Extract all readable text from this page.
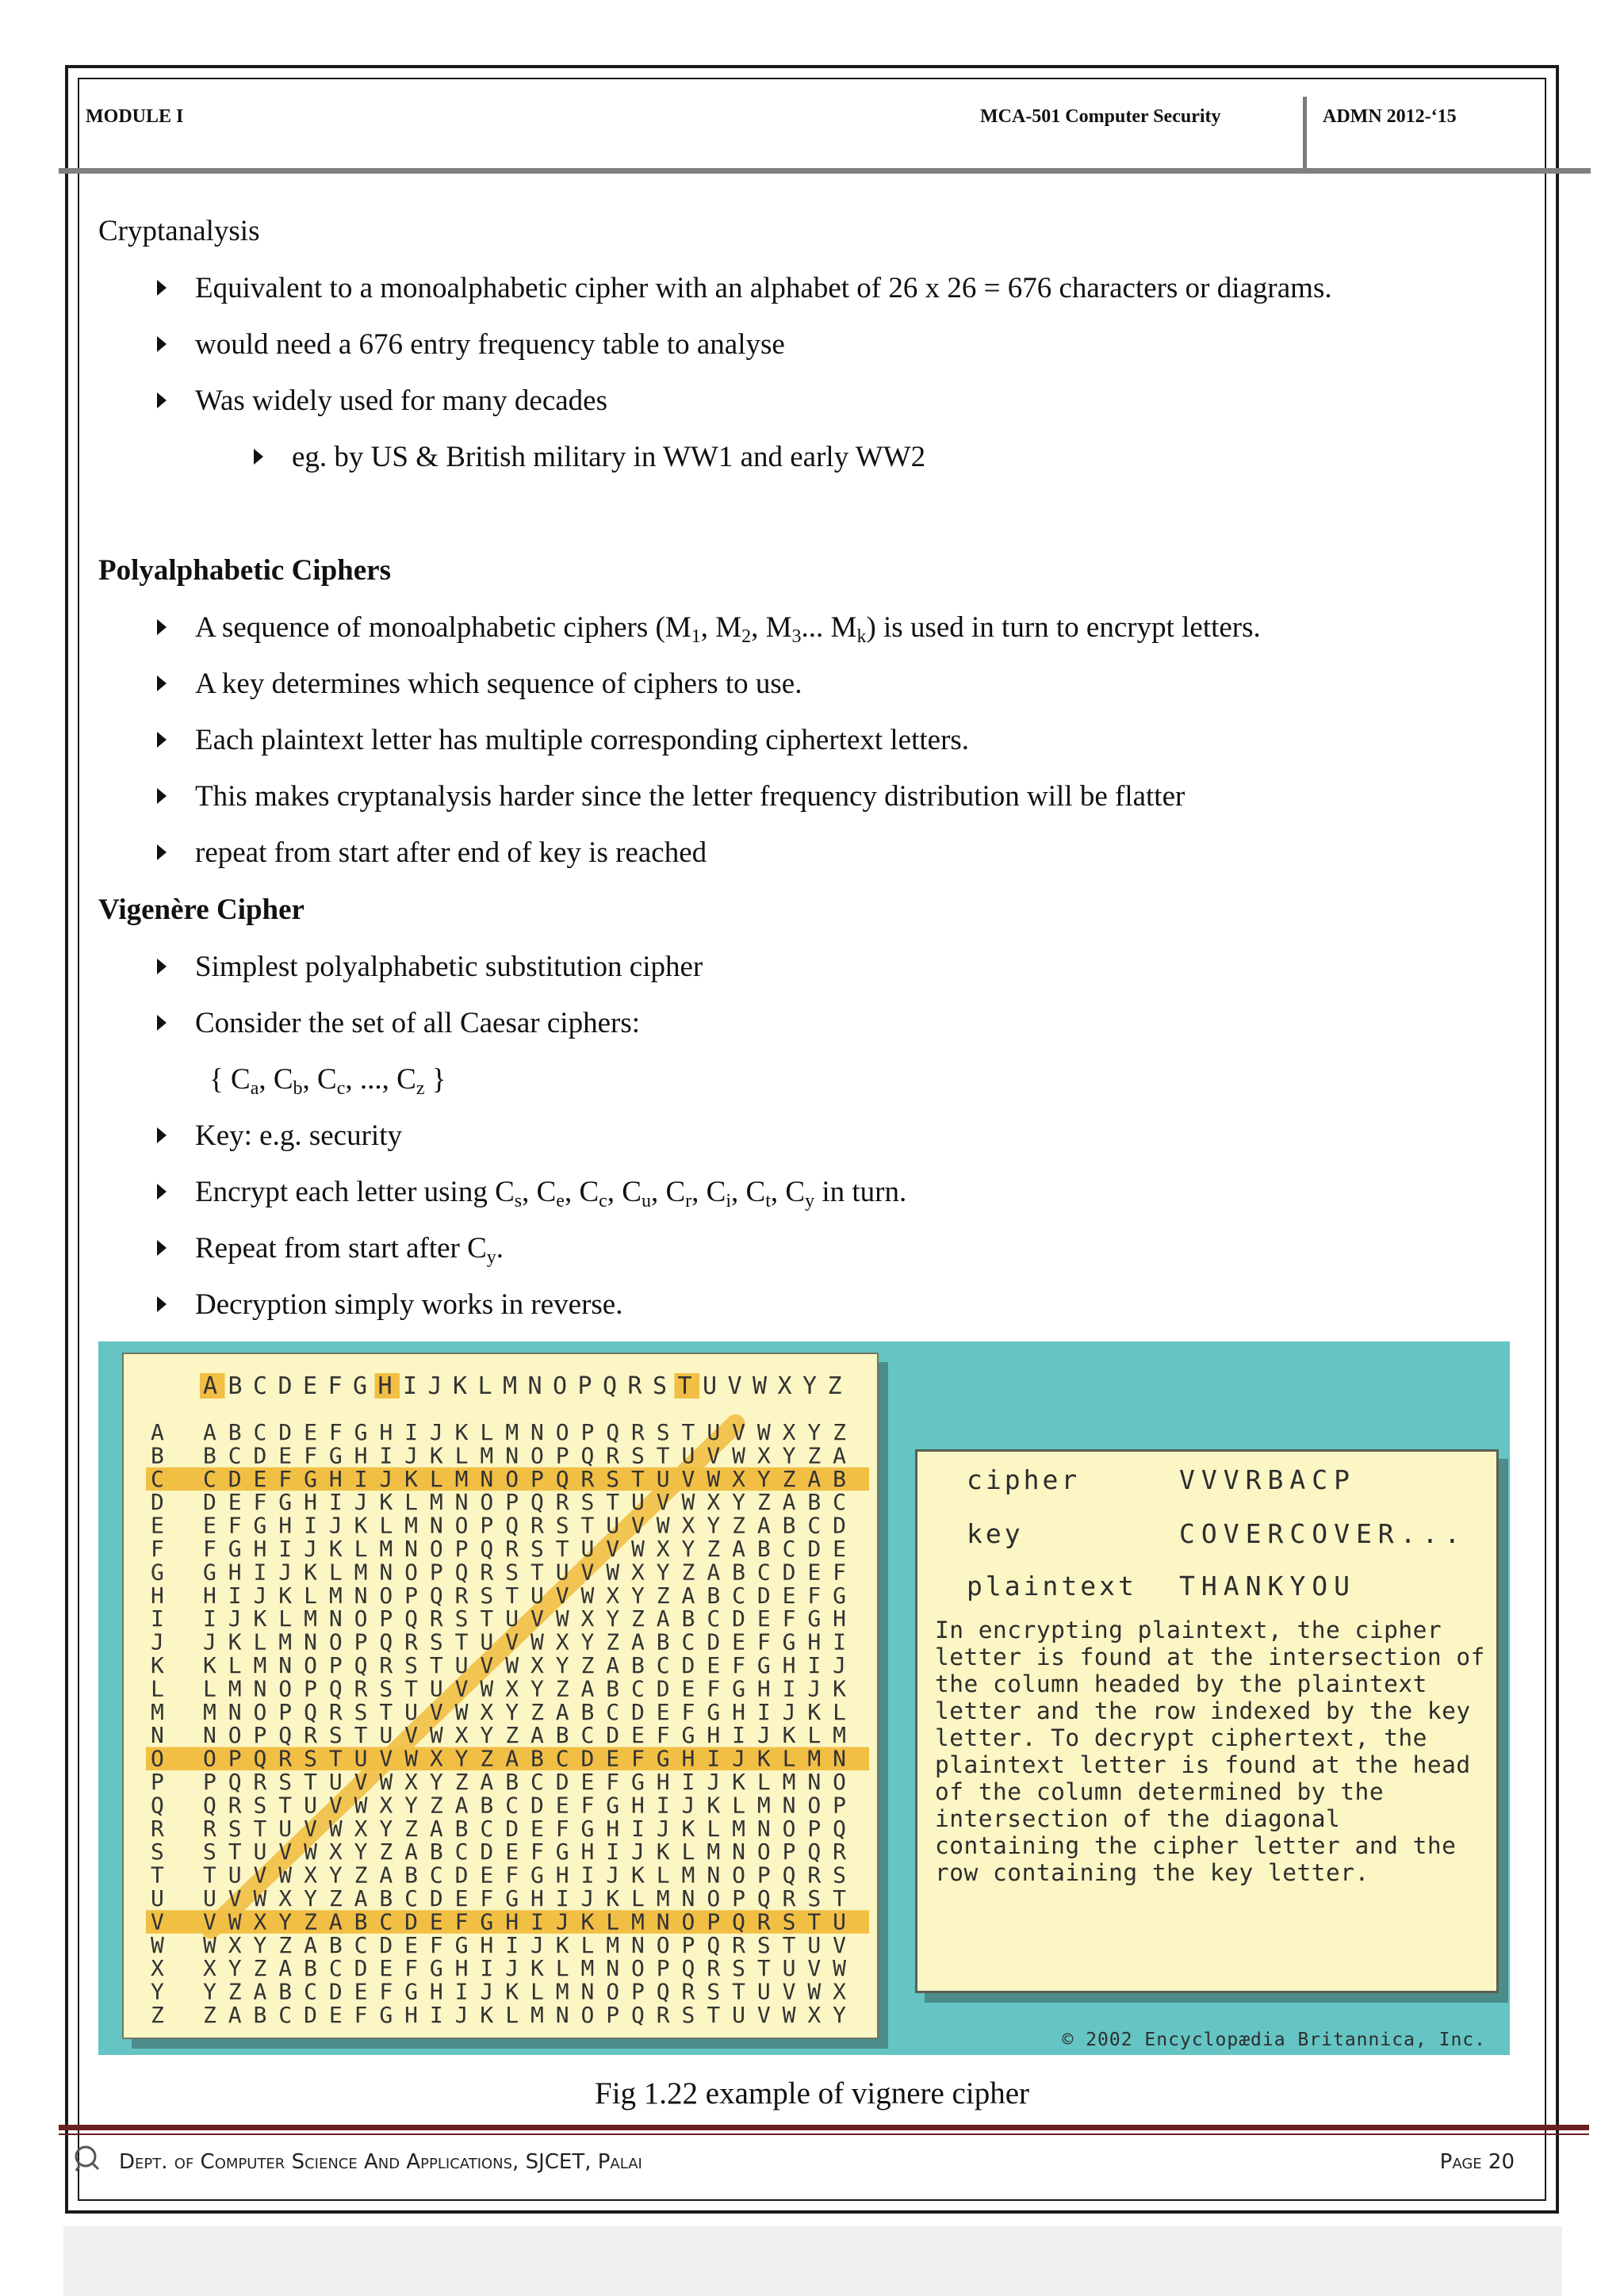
MODULE I	MCA-501 Computer Security	ADMN 2012-‘15

Cryptanalysis

Equivalent to a monoalphabetic cipher with an alphabet of 26 x 26 = 676 characters or diagrams.

would need a 676 entry frequency table to analyse

Was widely used for many decades

eg. by US & British military in WW1 and early WW2

Polyalphabetic Ciphers

A sequence of monoalphabetic ciphers ($M_1$, $M_2$, $M_3$... $M_k$) is used in turn to encrypt letters.

A key determines which sequence of ciphers to use.

Each plaintext letter has multiple corresponding ciphertext letters.

This makes cryptanalysis harder since the letter frequency distribution will be flatter

repeat from start after end of key is reached

Vigenère Cipher

Simplest polyalphabetic substitution cipher

Consider the set of all Caesar ciphers:

{ $C_a$, $C_b$, $C_c$, ..., $C_z$ }

Key: e.g. security

Encrypt each letter using $C_s$, $C_e$, $C_c$, $C_u$, $C_r$, $C_i$, $C_t$, $C_y$ in turn.

Repeat from start after $C_y$.

Decryption simply works in reverse.

A B C D E F G H I J K L M N O P Q R S T U V W X Y Z
A ABCDEFGHIJKLMNOPQRSTUVWXYZ
B BCDEFGHIJKLMNOPQRSTUVWXYZA
C CDEFGHIJKLMNOPQRSTUVWXYZAB
D DEFGHIJKLMNOPQRSTUVWXYZABC
E EFGHIJKLMNOPQRSTUVWXYZABCD
F FGHIJKLMNOPQRSTUVWXYZABCDE
G GHIJKLMNOPQRSTUVWXYZABCDEF
H HIJKLMNOPQRSTUVWXYZABCDEFG
I IJKLMNOPQRSTUVWXYZABCDEFGH
J JKLMNOPQRSTUVWXYZABCDEFGHI
K KLMNOPQRSTUVWXYZABCDEFGHIJ
L LMNOPQRSTUVWXYZABCDEFGHIJK
M MNOPQRSTUVWXYZABCDEFGHIJKL
N NOPQRSTUVWXYZABCDEFGHIJKLM
O OPQRSTUVWXYZABCDEFGHIJKLMN
P PQRSTUVWXYZABCDEFGHIJKLMNO
Q QRSTUVWXYZABCDEFGHIJKLMNOP
R RSTUVWXYZABCDEFGHIJKLMNOPQ
S STUVWXYZABCDEFGHIJKLMNOPQR
T TUVWXYZABCDEFGHIJKLMNOPQRS
U UVWXYZABCDEFGHIJKLMNOPQRST
V VWXYZABCDEFGHIJKLMNOPQRSTU
W WXYZABCDEFGHIJKLMNOPQRSTUV
X XYZABCDEFGHIJKLMNOPQRSTUVW
Y YZABCDEFGHIJKLMNOPQRSTUVWX
Z ZABCDEFGHIJKLMNOPQRSTUVWXY
cipher	VVVRBACP
key	COVERCOVER...
plaintext THANKYOU
In encrypting plaintext, the cipher letter is found at the intersection of the column headed by the plaintext letter and the row indexed by the key letter. To decrypt ciphertext, the plaintext letter is found at the head of the column determined by the intersection of the diagonal containing the cipher letter and the row containing the key letter.
© 2002 Encyclopædia Britannica, Inc.
Fig 1.22 example of vignere cipher
Dept. of Computer Science And Applications, SJCET, Palai	Page 20
